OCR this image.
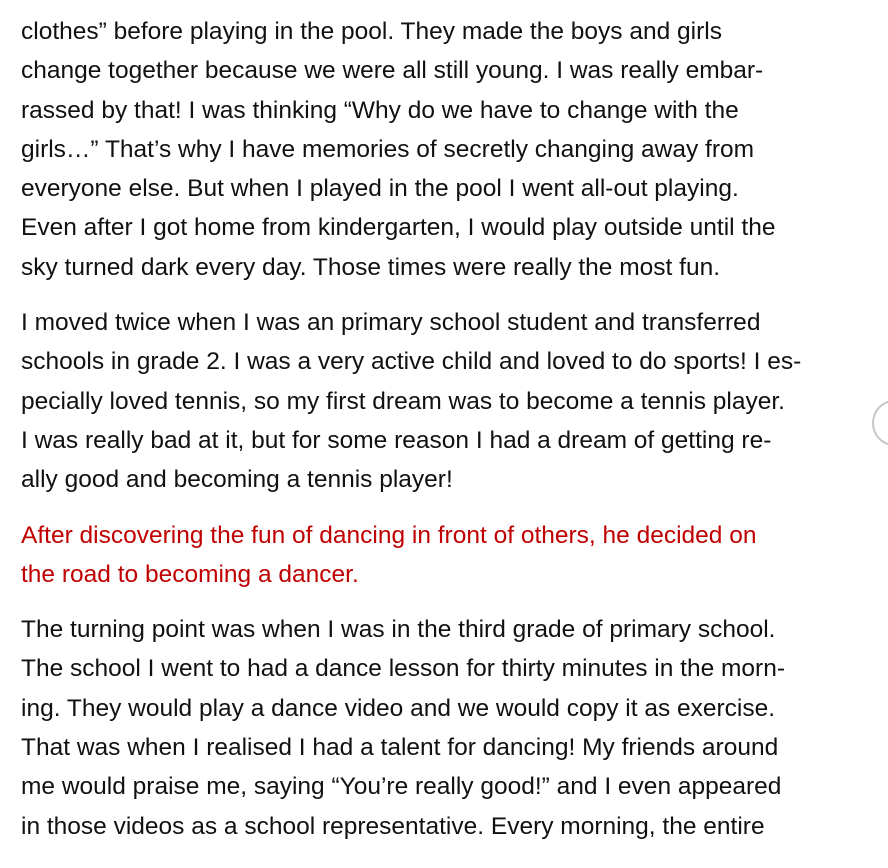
clothes” before playing in the pool. They made the boys and girls
change together because we were all still young. I was really embar-
rassed by that! I was thinking “Why do we have to change with the
girls…” That’s why I have memories of secretly changing away from
everyone else. But when I played in the pool I went all-out playing.
Even after I got home from kindergarten, I would play outside until the
sky turned dark every day. Those times were really the most fun.

I moved twice when I was an primary school student and transferred
schools in grade 2. I was a very active child and loved to do sports! I es-
pecially loved tennis, so my first dream was to become a tennis player.
I was really bad at it, but for some reason I had a dream of getting re-
ally good and becoming a tennis player!

After discovering the fun of dancing in front of others, he decided on
the road to becoming a dancer.

The turning point was when I was in the third grade of primary school.
The school I went to had a dance lesson for thirty minutes in the morn-
ing. They would play a dance video and we would copy it as exercise.
That was when I realised I had a talent for dancing! My friends around
me would praise me, saying “You’re really good!” and I even appeared
in those videos as a school representative. Every morning, the entire
